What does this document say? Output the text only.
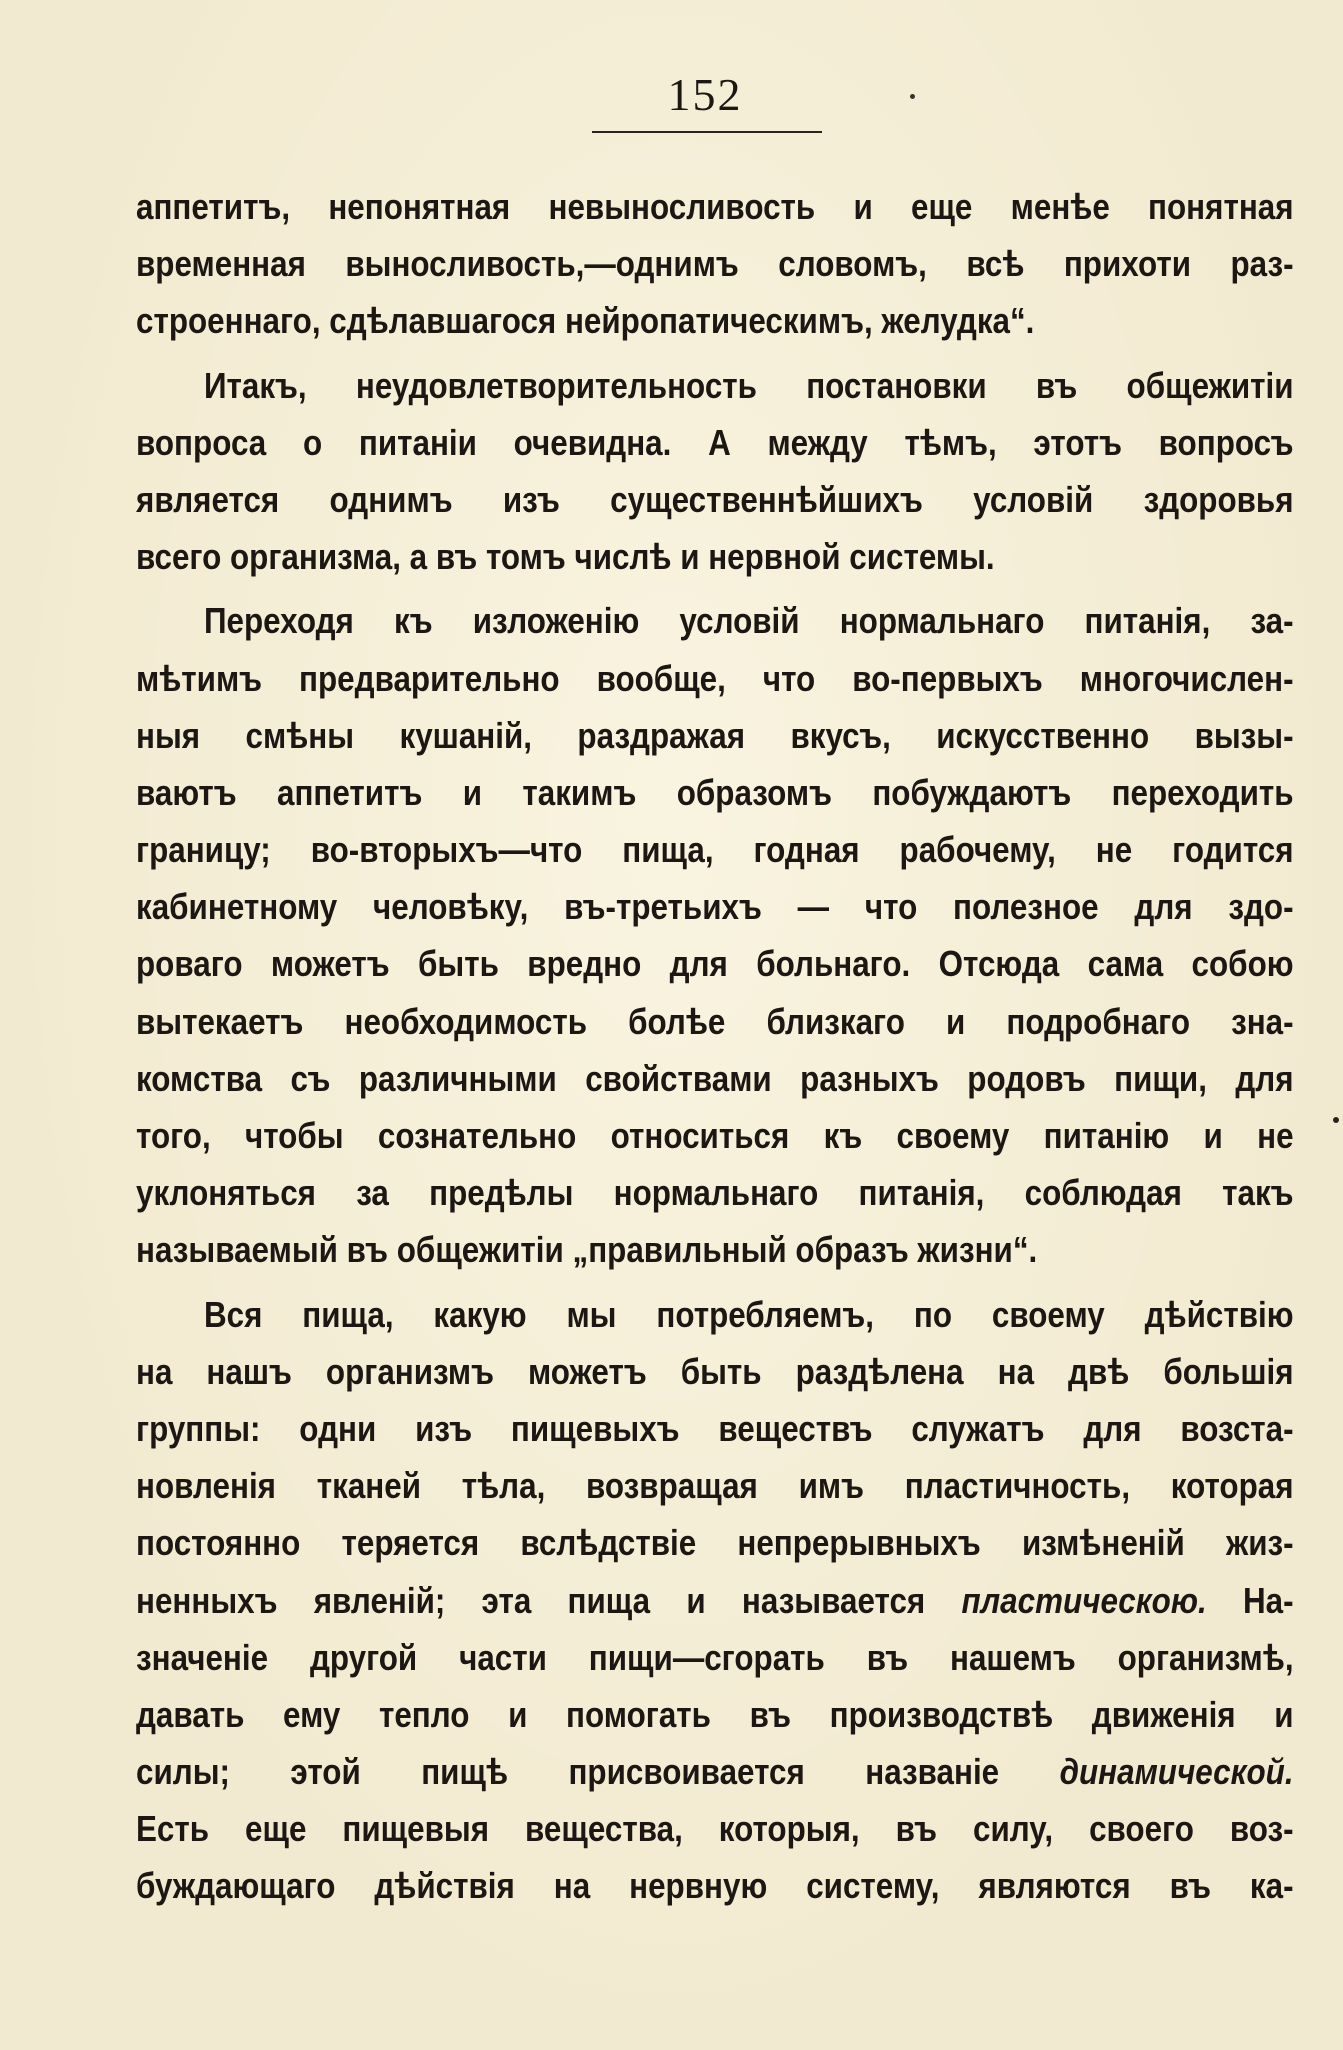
152
аппетитъ, непонятная невыносливость и еще менѣе понятная
временная выносливость,—однимъ словомъ, всѣ прихоти раз-
строеннаго, сдѣлавшагося нейропатическимъ, желудка“.
Итакъ, неудовлетворительность постановки въ общежитіи
вопроса о питаніи очевидна. А между тѣмъ, этотъ вопросъ
является однимъ изъ существеннѣйшихъ условій здоровья
всего организма, а въ томъ числѣ и нервной системы.
Переходя къ изложенію условій нормальнаго питанія, за-
мѣтимъ предварительно вообще, что во-первыхъ многочислен-
ныя смѣны кушаній, раздражая вкусъ, искусственно вызы-
ваютъ аппетитъ и такимъ образомъ побуждаютъ переходить
границу; во-вторыхъ—что пища, годная рабочему, не годится
кабинетному человѣку, въ-третьихъ — что полезное для здо-
роваго можетъ быть вредно для больнаго. Отсюда сама собою
вытекаетъ необходимость болѣе близкаго и подробнаго зна-
комства съ различными свойствами разныхъ родовъ пищи, для
того, чтобы сознательно относиться къ своему питанію и не
уклоняться за предѣлы нормальнаго питанія, соблюдая такъ
называемый въ общежитіи „правильный образъ жизни“.
Вся пища, какую мы потребляемъ, по своему дѣйствію
на нашъ организмъ можетъ быть раздѣлена на двѣ большія
группы: одни изъ пищевыхъ веществъ служатъ для возста-
новленія тканей тѣла, возвращая имъ пластичность, которая
постоянно теряется вслѣдствіе непрерывныхъ измѣненій жиз-
ненныхъ явленій; эта пища и называется пластическою. На-
значеніе другой части пищи—сгорать въ нашемъ организмѣ,
давать ему тепло и помогать въ производствѣ движенія и
силы; этой пищѣ присвоивается названіе динамической.
Есть еще пищевыя вещества, которыя, въ силу, своего воз-
буждающаго дѣйствія на нервную систему, являются въ ка-
